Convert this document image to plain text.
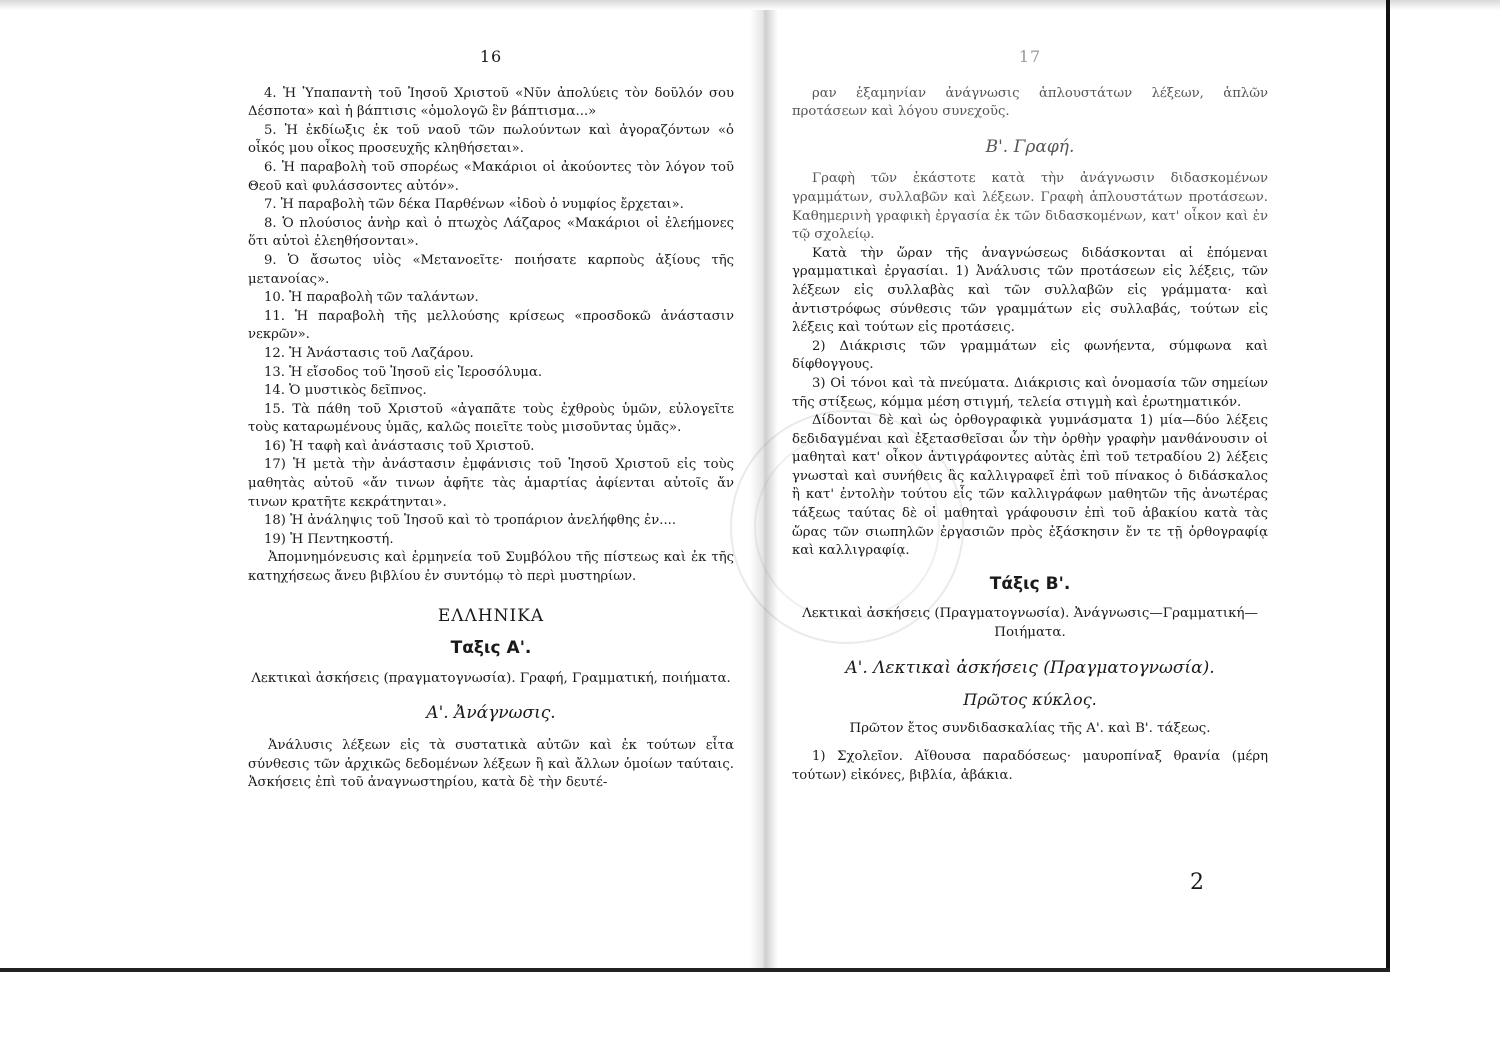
16

4. Ἡ Ὑπαπαντὴ τοῦ Ἰησοῦ Χριστοῦ «Νῦν ἀπολύεις τὸν δοῦλόν σου Δέσποτα» καὶ ἡ βάπτισις «ὁμολογῶ ἓν βάπτισμα...»

5. Ἡ ἐκδίωξις ἐκ τοῦ ναοῦ τῶν πωλούντων καὶ ἀγοραζόντων «ὁ οἶκός μου οἶκος προσευχῆς κληθήσεται».

6. Ἡ παραβολὴ τοῦ σπορέως «Μακάριοι οἱ ἀκούοντες τὸν λόγον τοῦ Θεοῦ καὶ φυλάσσοντες αὐτόν».

7. Ἡ παραβολὴ τῶν δέκα Παρθένων «ἰδοὺ ὁ νυμφίος ἔρχεται».

8. Ὁ πλούσιος ἀνὴρ καὶ ὁ πτωχὸς Λάζαρος «Μακάριοι οἱ ἐλεήμονες ὅτι αὐτοὶ ἐλεηθήσονται».

9. Ὁ ἄσωτος υἱὸς «Μετανοεῖτε· ποιήσατε καρποὺς ἀξίους τῆς μετανοίας».

10. Ἡ παραβολὴ τῶν ταλάντων.

11. Ἡ παραβολὴ τῆς μελλούσης κρίσεως «προσδοκῶ ἀνάστασιν νεκρῶν».

12. Ἡ Ἀνάστασις τοῦ Λαζάρου.

13. Ἡ εἴσοδος τοῦ Ἰησοῦ εἰς Ἱεροσόλυμα.

14. Ὁ μυστικὸς δεῖπνος.

15. Τὰ πάθη τοῦ Χριστοῦ «ἀγαπᾶτε τοὺς ἐχθροὺς ὑμῶν, εὐλογεῖτε τοὺς καταρωμένους ὑμᾶς, καλῶς ποιεῖτε τοὺς μισοῦντας ὑμᾶς».

16) Ἡ ταφὴ καὶ ἀνάστασις τοῦ Χριστοῦ.

17) Ἡ μετὰ τὴν ἀνάστασιν ἐμφάνισις τοῦ Ἰησοῦ Χριστοῦ εἰς τοὺς μαθητὰς αὐτοῦ «ἄν τινων ἀφῆτε τὰς ἁμαρτίας ἀφίενται αὐτοῖς ἄν τινων κρατῆτε κεκράτηνται».

18) Ἡ ἀνάληψις τοῦ Ἰησοῦ καὶ τὸ τροπάριον ἀνελήφθης ἐν....

19) Ἡ Πεντηκοστή.

Ἀπομνημόνευσις καὶ ἑρμηνεία τοῦ Συμβόλου τῆς πίστεως καὶ ἐκ τῆς κατηχήσεως ἄνευ βιβλίου ἐν συντόμῳ τὸ περὶ μυστηρίων.

ΕΛΛΗΝΙΚΑ

Ταξις Α'.

Λεκτικαὶ ἀσκήσεις (πραγματογνωσία). Γραφή, Γραμματική, ποιήματα.

Α'. Ἀνάγνωσις.

Ἀνάλυσις λέξεων εἰς τὰ συστατικὰ αὐτῶν καὶ ἐκ τούτων εἶτα σύνθεσις τῶν ἀρχικῶς δεδομένων λέξεων ἢ καὶ ἄλλων ὁμοίων ταύταις. Ἀσκήσεις ἐπὶ τοῦ ἀναγνωστηρίου, κατὰ δὲ τὴν δευτέ-

17

ραν ἑξαμηνίαν ἀνάγνωσις ἁπλουστάτων λέξεων, ἁπλῶν προτάσεων καὶ λόγου συνεχοῦς.

Β'. Γραφή.

Γραφὴ τῶν ἑκάστοτε κατὰ τὴν ἀνάγνωσιν διδασκομένων γραμμάτων, συλλαβῶν καὶ λέξεων. Γραφὴ ἁπλουστάτων προτάσεων. Καθημερινὴ γραφικὴ ἐργασία ἐκ τῶν διδασκομένων, κατ' οἶκον καὶ ἐν τῷ σχολείῳ.

Κατὰ τὴν ὥραν τῆς ἀναγνώσεως διδάσκονται αἱ ἑπόμεναι γραμματικαὶ ἐργασίαι. 1) Ἀνάλυσις τῶν προτάσεων εἰς λέξεις, τῶν λέξεων εἰς συλλαβὰς καὶ τῶν συλλαβῶν εἰς γράμματα· καὶ ἀντιστρόφως σύνθεσις τῶν γραμμάτων εἰς συλλαβάς, τούτων εἰς λέξεις καὶ τούτων εἰς προτάσεις.

2) Διάκρισις τῶν γραμμάτων εἰς φωνήεντα, σύμφωνα καὶ δίφθογγους.

3) Οἱ τόνοι καὶ τὰ πνεύματα. Διάκρισις καὶ ὀνομασία τῶν σημείων τῆς στίξεως, κόμμα μέση στιγμή, τελεία στιγμὴ καὶ ἐρωτηματικόν.

Δίδονται δὲ καὶ ὡς ὀρθογραφικὰ γυμνάσματα 1) μία—δύο λέξεις δεδιδαγμέναι καὶ ἐξετασθεῖσαι ὧν τὴν ὀρθὴν γραφὴν μανθάνουσιν οἱ μαθηταὶ κατ' οἶκον ἀντιγράφοντες αὐτὰς ἐπὶ τοῦ τετραδίου 2) λέξεις γνωσταὶ καὶ συνήθεις ἃς καλλιγραφεῖ ἐπὶ τοῦ πίνακος ὁ διδάσκαλος ἢ κατ' ἐντολὴν τούτου εἷς τῶν καλλιγράφων μαθητῶν τῆς ἀνωτέρας τάξεως ταύτας δὲ οἱ μαθηταὶ γράφουσιν ἐπὶ τοῦ ἀβακίου κατὰ τὰς ὥρας τῶν σιωπηλῶν ἐργασιῶν πρὸς ἐξάσκησιν ἔν τε τῇ ὀρθογραφίᾳ καὶ καλλιγραφίᾳ.

Τάξις Β'.

Λεκτικαὶ ἀσκήσεις (Πραγματογνωσία). Ἀνάγνωσις—Γραμματική—Ποιήματα.

Α'. Λεκτικαὶ ἀσκήσεις (Πραγματογνωσία).

Πρῶτος κύκλος.

Πρῶτον ἔτος συνδιδασκαλίας τῆς Α'. καὶ Β'. τάξεως.

1) Σχολεῖον. Αἴθουσα παραδόσεως· μαυροπίναξ θρανία (μέρη τούτων) εἰκόνες, βιβλία, ἀβάκια.

2
